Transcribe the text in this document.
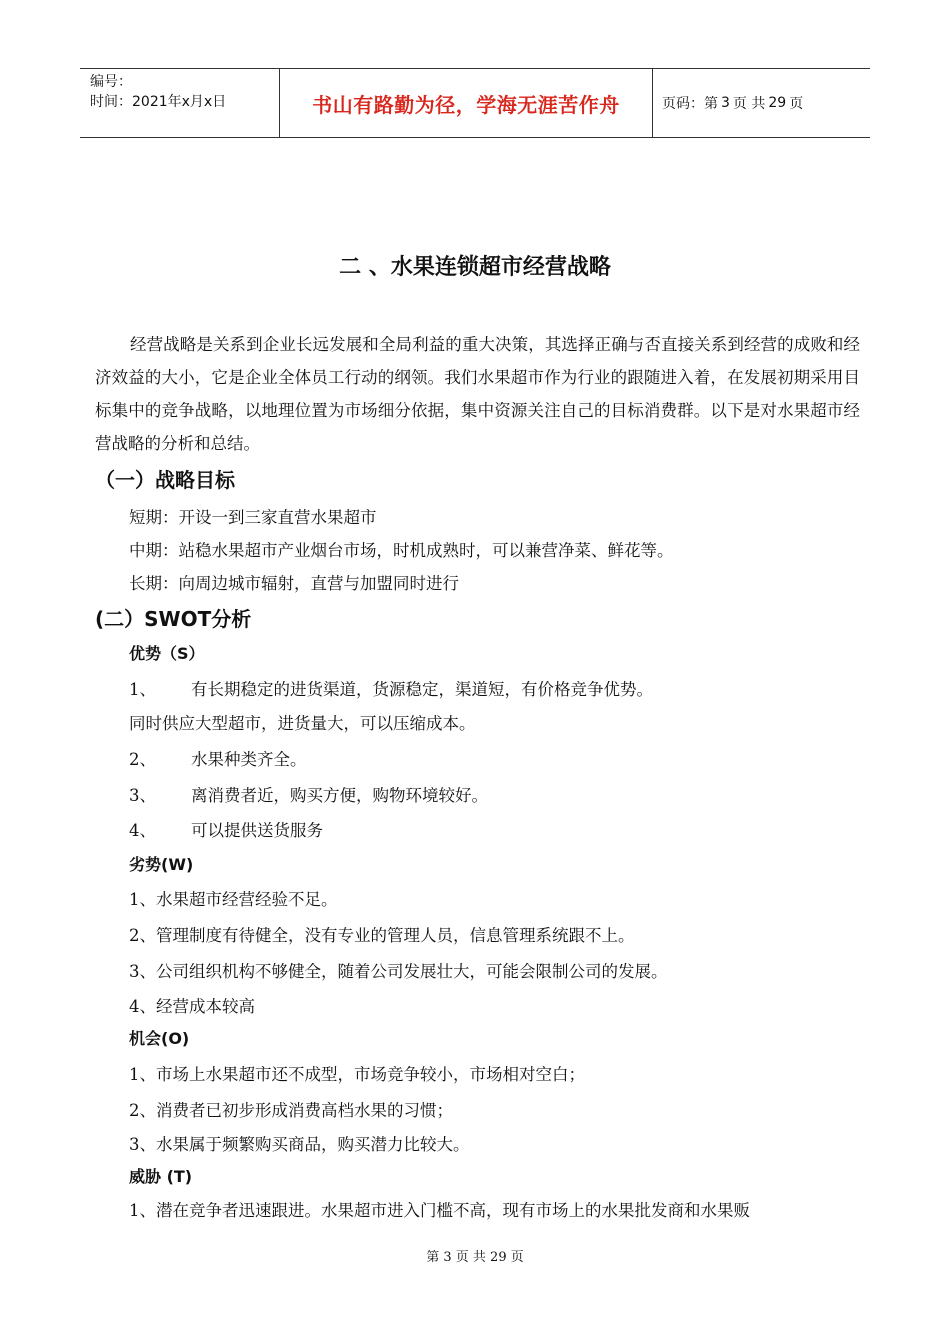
编号：
时间：2021年x月x日	书山有路勤为径，学海无涯苦作舟	页码：第 3 页 共 29 页
二 、水果连锁超市经营战略
经营战略是关系到企业长远发展和全局利益的重大决策，其选择正确与否直接关系到经营的成败和经济效益的大小，它是企业全体员工行动的纲领。我们水果超市作为行业的跟随进入着，在发展初期采用目标集中的竞争战略，以地理位置为市场细分依据，集中资源关注自己的目标消费群。以下是对水果超市经营战略的分析和总结。
（一）战略目标
短期：开设一到三家直营水果超市
中期：站稳水果超市产业烟台市场，时机成熟时，可以兼营净菜、鲜花等。
长期：向周边城市辐射，直营与加盟同时进行
(二）SWOT分析
优势（S）
1、 有长期稳定的进货渠道，货源稳定，渠道短，有价格竞争优势。
同时供应大型超市，进货量大，可以压缩成本。
2、 水果种类齐全。
3、 离消费者近，购买方便，购物环境较好。
4、 可以提供送货服务
劣势(W)
1、水果超市经营经验不足。
2、管理制度有待健全，没有专业的管理人员，信息管理系统跟不上。
3、公司组织机构不够健全，随着公司发展壮大，可能会限制公司的发展。
4、经营成本较高
机会(O)
1、市场上水果超市还不成型，市场竞争较小，市场相对空白；
2、消费者已初步形成消费高档水果的习惯；
3、水果属于频繁购买商品，购买潜力比较大。
威胁 (T)
1、潜在竞争者迅速跟进。水果超市进入门槛不高，现有市场上的水果批发商和水果贩
第 3 页 共 29 页
